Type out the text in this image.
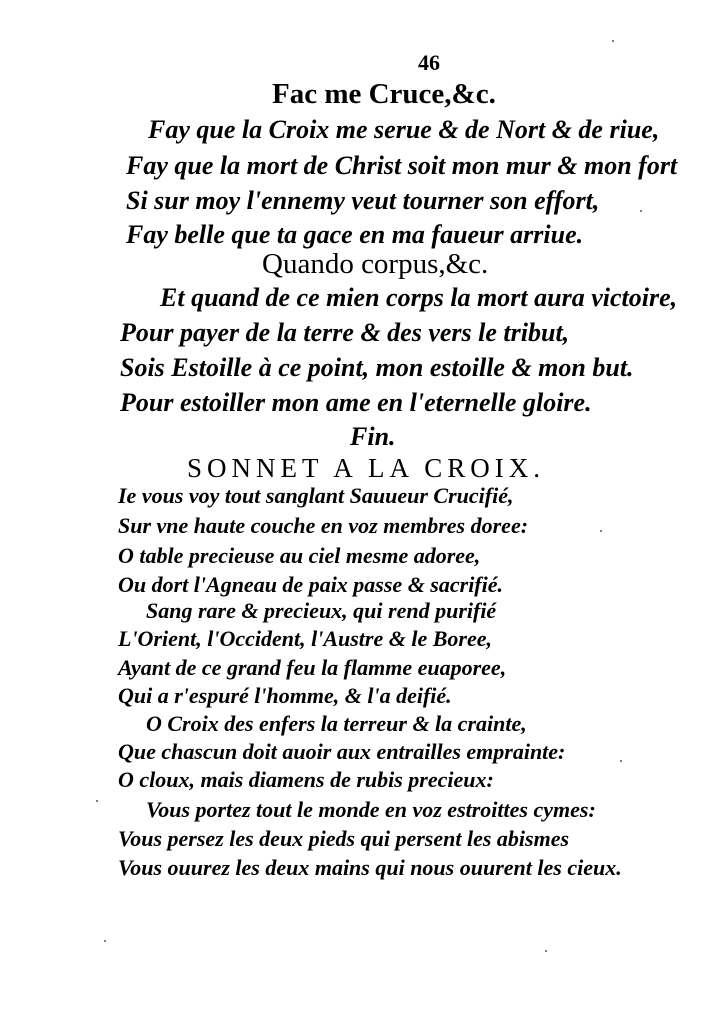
46
Fac me Cruce,&c.
Fay que la Croix me serue & de Nort & de riue,
Fay que la mort de Christ soit mon mur & mon fort
Si sur moy l'ennemy veut tourner son effort,
Fay belle que ta gace en ma faueur arriue.
Quando corpus,&c.
Et quand de ce mien corps la mort aura victoire,
Pour payer de la terre & des vers le tribut,
Sois Estoille à ce point, mon estoille & mon but.
Pour estoiller mon ame en l'eternelle gloire.
Fin.
SONNET A LA CROIX.
Ie vous voy tout sanglant Sauueur Crucifié,
Sur vne haute couche en voz membres doree:
O table precieuse au ciel mesme adoree,
Ou dort l'Agneau de paix passe & sacrifié.
Sang rare & precieux, qui rend purifié
L'Orient, l'Occident, l'Austre & le Boree,
Ayant de ce grand feu la flamme euaporee,
Qui a r'espuré l'homme, & l'a deifié.
O Croix des enfers la terreur & la crainte,
Que chascun doit auoir aux entrailles emprainte:
O cloux, mais diamens de rubis precieux:
Vous portez tout le monde en voz estroittes cymes:
Vous persez les deux pieds qui persent les abismes
Vous ouurez les deux mains qui nous ouurent les cieux.
